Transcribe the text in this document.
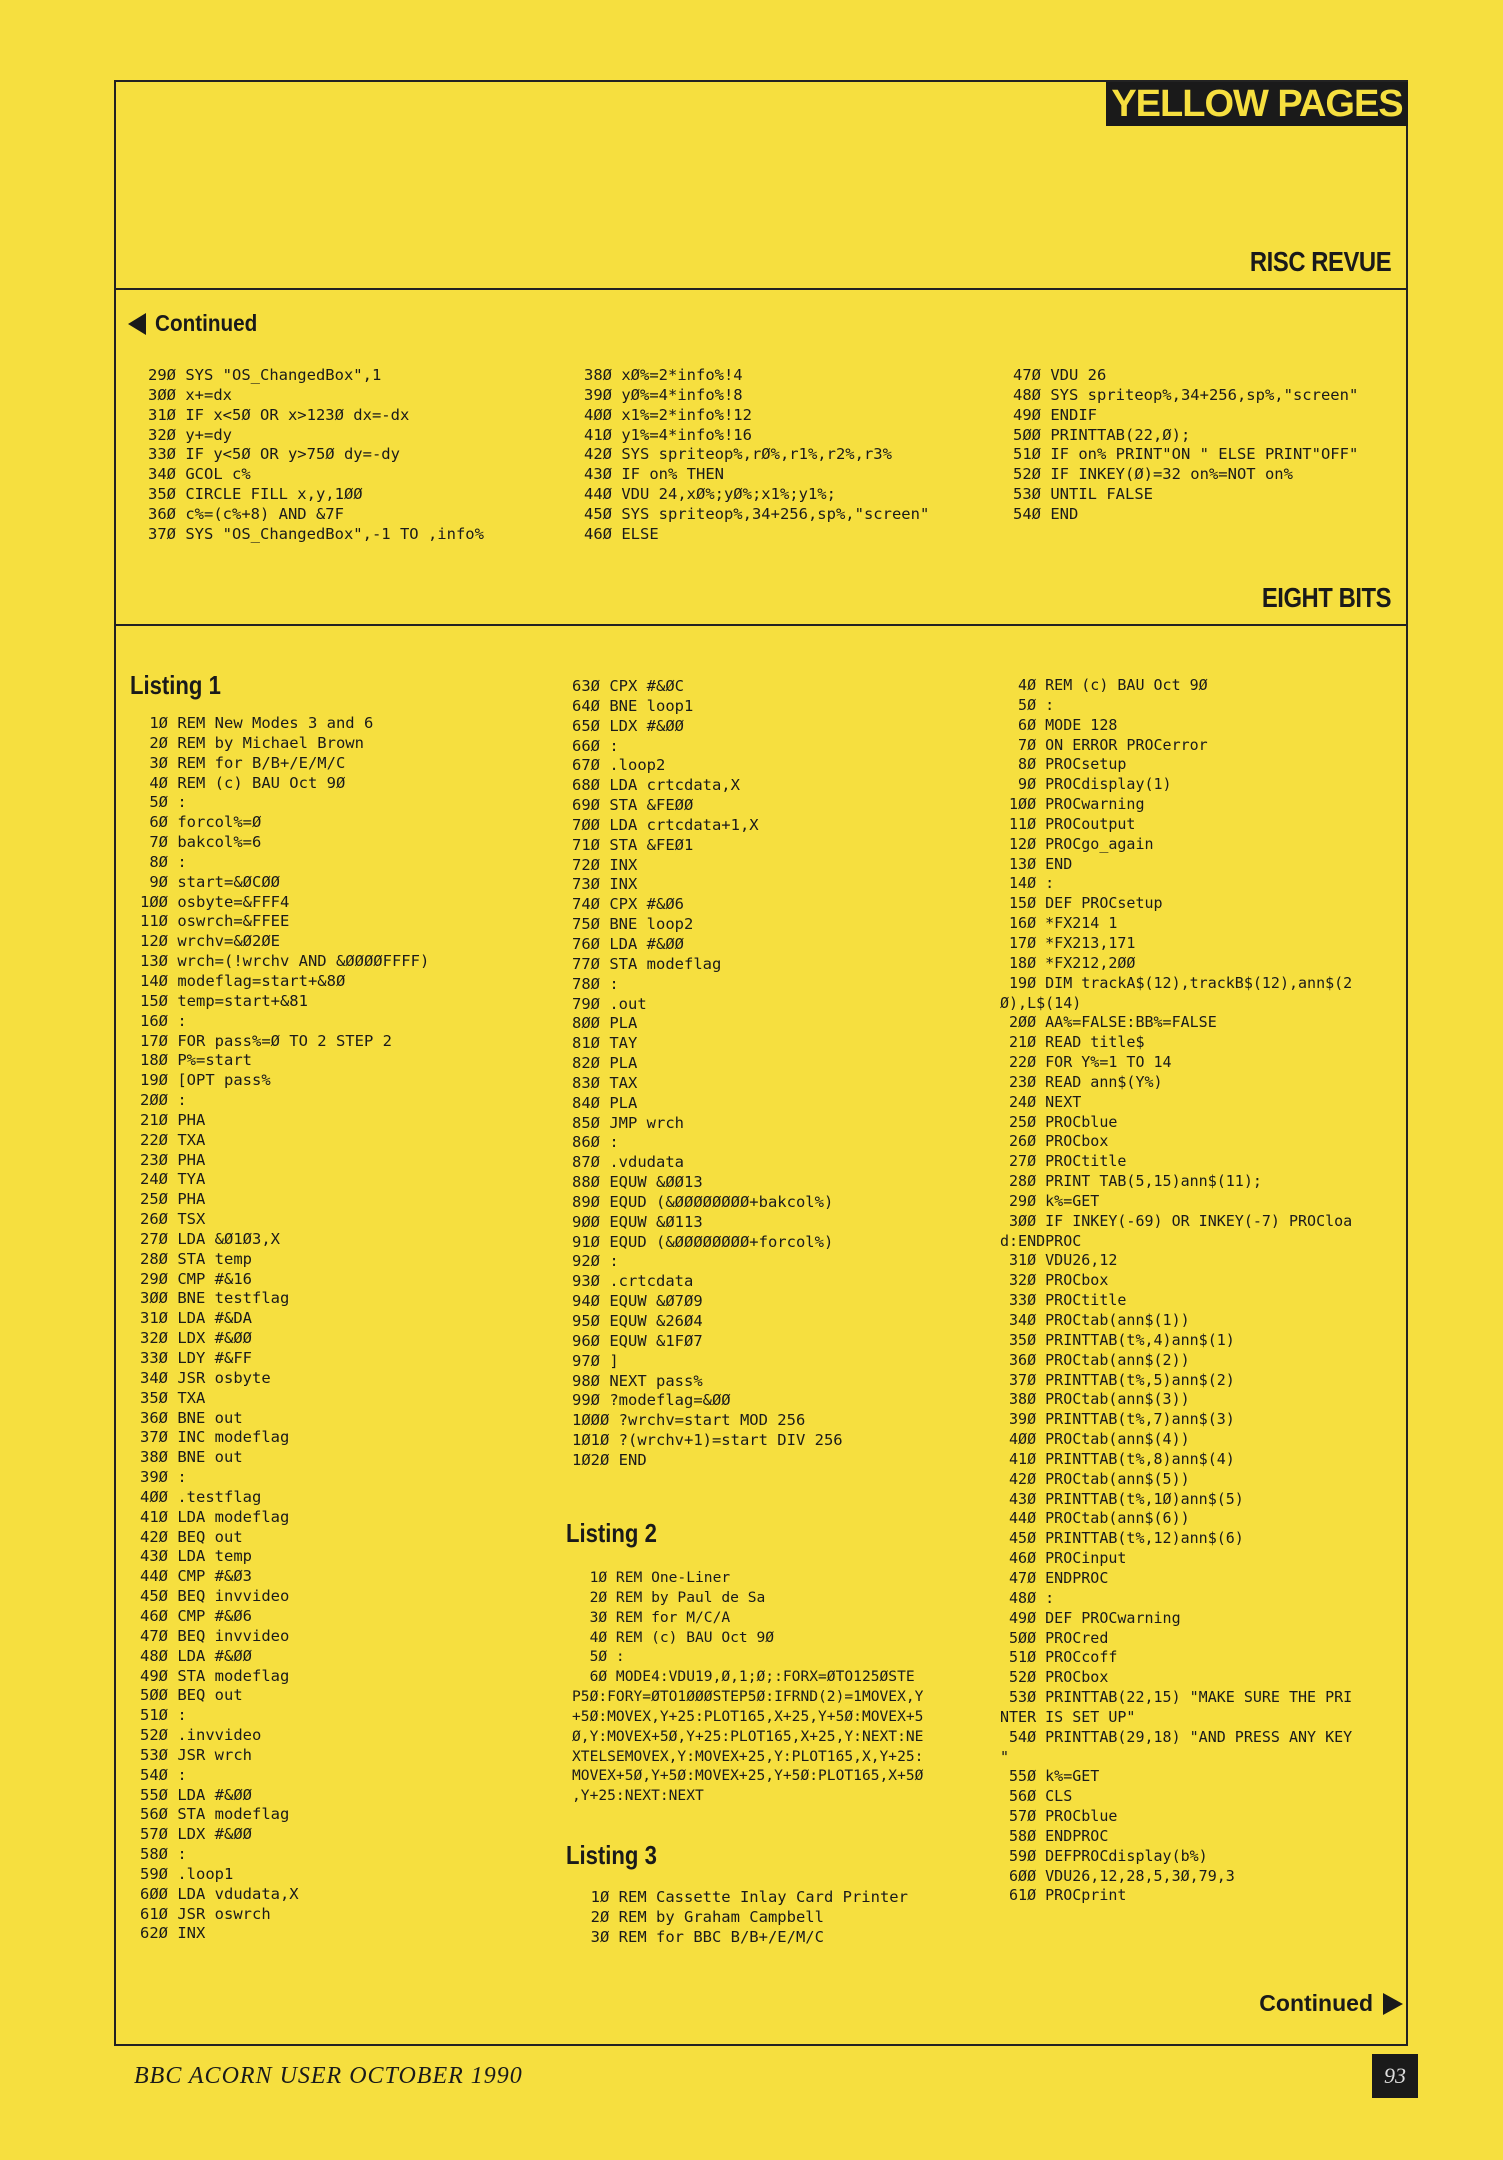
YELLOW PAGES
RISC REVUE
Continued
29Ø SYS "OS_ChangedBox",1
3ØØ x+=dx
31Ø IF x<5Ø OR x>123Ø dx=-dx
32Ø y+=dy
33Ø IF y<5Ø OR y>75Ø dy=-dy
34Ø GCOL c%
35Ø CIRCLE FILL x,y,1ØØ
36Ø c%=(c%+8) AND &7F
37Ø SYS "OS_ChangedBox",-1 TO ,info%
38Ø xØ%=2*info%!4
39Ø yØ%=4*info%!8
4ØØ x1%=2*info%!12
41Ø y1%=4*info%!16
42Ø SYS spriteop%,rØ%,r1%,r2%,r3%
43Ø IF on% THEN
44Ø VDU 24,xØ%;yØ%;x1%;y1%;
45Ø SYS spriteop%,34+256,sp%,"screen"
46Ø ELSE
47Ø VDU 26
48Ø SYS spriteop%,34+256,sp%,"screen"
49Ø ENDIF
5ØØ PRINTTAB(22,Ø);
51Ø IF on% PRINT"ON " ELSE PRINT"OFF"
52Ø IF INKEY(Ø)=32 on%=NOT on%
53Ø UNTIL FALSE
54Ø END
EIGHT BITS
Listing 1
1Ø REM New Modes 3 and 6
2Ø REM by Michael Brown
3Ø REM for B/B+/E/M/C
4Ø REM (c) BAU Oct 9Ø
5Ø :
6Ø forcol%=Ø
7Ø bakcol%=6
8Ø :
9Ø start=&ØCØØ
1ØØ osbyte=&FFF4
11Ø oswrch=&FFEE
12Ø wrchv=&Ø2ØE
13Ø wrch=(!wrchv AND &ØØØØFFFF)
14Ø modeflag=start+&8Ø
15Ø temp=start+&81
16Ø :
17Ø FOR pass%=Ø TO 2 STEP 2
18Ø P%=start
19Ø [OPT pass%
2ØØ :
21Ø PHA
22Ø TXA
23Ø PHA
24Ø TYA
25Ø PHA
26Ø TSX
27Ø LDA &Ø1Ø3,X
28Ø STA temp
29Ø CMP #&16
3ØØ BNE testflag
31Ø LDA #&DA
32Ø LDX #&ØØ
33Ø LDY #&FF
34Ø JSR osbyte
35Ø TXA
36Ø BNE out
37Ø INC modeflag
38Ø BNE out
39Ø :
4ØØ .testflag
41Ø LDA modeflag
42Ø BEQ out
43Ø LDA temp
44Ø CMP #&Ø3
45Ø BEQ invvideo
46Ø CMP #&Ø6
47Ø BEQ invvideo
48Ø LDA #&ØØ
49Ø STA modeflag
5ØØ BEQ out
51Ø :
52Ø .invvideo
53Ø JSR wrch
54Ø :
55Ø LDA #&ØØ
56Ø STA modeflag
57Ø LDX #&ØØ
58Ø :
59Ø .loop1
6ØØ LDA vdudata,X
61Ø JSR oswrch
62Ø INX
63Ø CPX #&ØC
64Ø BNE loop1
65Ø LDX #&ØØ
66Ø :
67Ø .loop2
68Ø LDA crtcdata,X
69Ø STA &FEØØ
7ØØ LDA crtcdata+1,X
71Ø STA &FEØ1
72Ø INX
73Ø INX
74Ø CPX #&Ø6
75Ø BNE loop2
76Ø LDA #&ØØ
77Ø STA modeflag
78Ø :
79Ø .out
8ØØ PLA
81Ø TAY
82Ø PLA
83Ø TAX
84Ø PLA
85Ø JMP wrch
86Ø :
87Ø .vdudata
88Ø EQUW &ØØ13
89Ø EQUD (&ØØØØØØØØ+bakcol%)
9ØØ EQUW &Ø113
91Ø EQUD (&ØØØØØØØØ+forcol%)
92Ø :
93Ø .crtcdata
94Ø EQUW &Ø7Ø9
95Ø EQUW &26Ø4
96Ø EQUW &1FØ7
97Ø ]
98Ø NEXT pass%
99Ø ?modeflag=&ØØ
1ØØØ ?wrchv=start MOD 256
1Ø1Ø ?(wrchv+1)=start DIV 256
1Ø2Ø END
Listing 2
1Ø REM One-Liner
2Ø REM by Paul de Sa
3Ø REM for M/C/A
4Ø REM (c) BAU Oct 9Ø
5Ø :
6Ø MODE4:VDU19,Ø,1;Ø;:FORX=ØTO125ØSTE
P5Ø:FORY=ØTO1ØØØSTEP5Ø:IFRND(2)=1MOVEX,Y
+5Ø:MOVEX,Y+25:PLOT165,X+25,Y+5Ø:MOVEX+5
Ø,Y:MOVEX+5Ø,Y+25:PLOT165,X+25,Y:NEXT:NE
XTELSEMOVEX,Y:MOVEX+25,Y:PLOT165,X,Y+25:
MOVEX+5Ø,Y+5Ø:MOVEX+25,Y+5Ø:PLOT165,X+5Ø
,Y+25:NEXT:NEXT
Listing 3
1Ø REM Cassette Inlay Card Printer
2Ø REM by Graham Campbell
3Ø REM for BBC B/B+/E/M/C
4Ø REM (c) BAU Oct 9Ø
5Ø :
6Ø MODE 128
7Ø ON ERROR PROCerror
8Ø PROCsetup
9Ø PROCdisplay(1)
1ØØ PROCwarning
11Ø PROCoutput
12Ø PROCgo_again
13Ø END
14Ø :
15Ø DEF PROCsetup
16Ø *FX214 1
17Ø *FX213,171
18Ø *FX212,2ØØ
19Ø DIM trackA$(12),trackB$(12),ann$(2
Ø),L$(14)
2ØØ AA%=FALSE:BB%=FALSE
21Ø READ title$
22Ø FOR Y%=1 TO 14
23Ø READ ann$(Y%)
24Ø NEXT
25Ø PROCblue
26Ø PROCbox
27Ø PROCtitle
28Ø PRINT TAB(5,15)ann$(11);
29Ø k%=GET
3ØØ IF INKEY(-69) OR INKEY(-7) PROCloa
d:ENDPROC
31Ø VDU26,12
32Ø PROCbox
33Ø PROCtitle
34Ø PROCtab(ann$(1))
35Ø PRINTTAB(t%,4)ann$(1)
36Ø PROCtab(ann$(2))
37Ø PRINTTAB(t%,5)ann$(2)
38Ø PROCtab(ann$(3))
39Ø PRINTTAB(t%,7)ann$(3)
4ØØ PROCtab(ann$(4))
41Ø PRINTTAB(t%,8)ann$(4)
42Ø PROCtab(ann$(5))
43Ø PRINTTAB(t%,1Ø)ann$(5)
44Ø PROCtab(ann$(6))
45Ø PRINTTAB(t%,12)ann$(6)
46Ø PROCinput
47Ø ENDPROC
48Ø :
49Ø DEF PROCwarning
5ØØ PROCred
51Ø PROCcoff
52Ø PROCbox
53Ø PRINTTAB(22,15) "MAKE SURE THE PRI
NTER IS SET UP"
54Ø PRINTTAB(29,18) "AND PRESS ANY KEY
"
55Ø k%=GET
56Ø CLS
57Ø PROCblue
58Ø ENDPROC
59Ø DEFPROCdisplay(b%)
6ØØ VDU26,12,28,5,3Ø,79,3
61Ø PROCprint
Continued
BBC ACORN USER OCTOBER 1990	93
